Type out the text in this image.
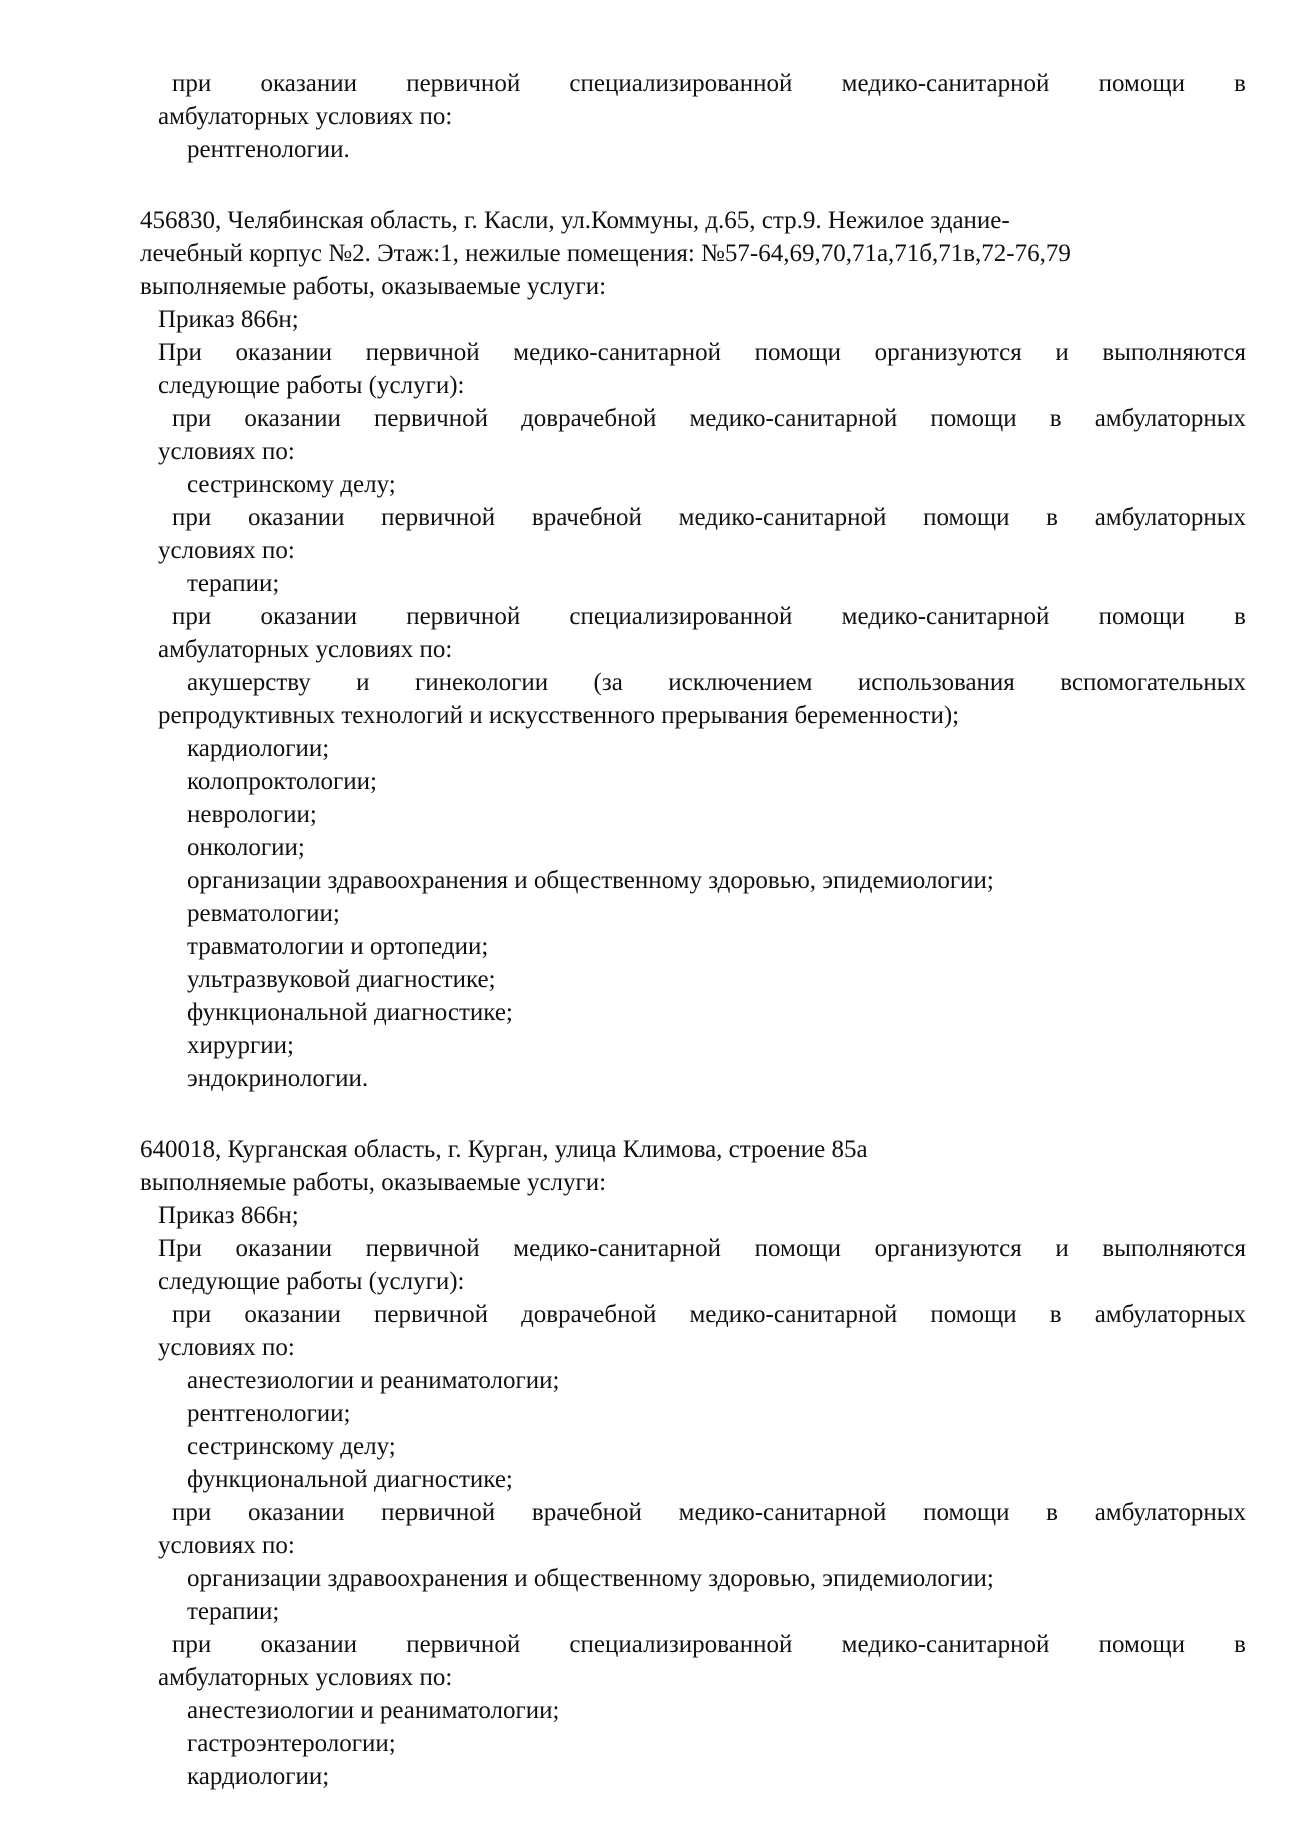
при оказании первичной специализированной медико-санитарной помощи в

амбулаторных условиях по:

рентгенологии.

456830, Челябинская область, г. Касли, ул.Коммуны, д.65, стр.9. Нежилое здание-

лечебный корпус №2. Этаж:1, нежилые помещения: №57-64,69,70,71а,71б,71в,72-76,79

выполняемые работы, оказываемые услуги:

Приказ 866н;

При оказании первичной медико-санитарной помощи организуются и выполняются

следующие работы (услуги):

при оказании первичной доврачебной медико-санитарной помощи в амбулаторных

условиях по:

сестринскому делу;

при оказании первичной врачебной медико-санитарной помощи в амбулаторных

условиях по:

терапии;

при оказании первичной специализированной медико-санитарной помощи в

амбулаторных условиях по:

акушерству и гинекологии (за исключением использования вспомогательных

репродуктивных технологий и искусственного прерывания беременности);

кардиологии;

колопроктологии;

неврологии;

онкологии;

организации здравоохранения и общественному здоровью, эпидемиологии;

ревматологии;

травматологии и ортопедии;

ультразвуковой диагностике;

функциональной диагностике;

хирургии;

эндокринологии.

640018, Курганская область, г. Курган, улица Климова, строение 85а

выполняемые работы, оказываемые услуги:

Приказ 866н;

При оказании первичной медико-санитарной помощи организуются и выполняются

следующие работы (услуги):

при оказании первичной доврачебной медико-санитарной помощи в амбулаторных

условиях по:

анестезиологии и реаниматологии;

рентгенологии;

сестринскому делу;

функциональной диагностике;

при оказании первичной врачебной медико-санитарной помощи в амбулаторных

условиях по:

организации здравоохранения и общественному здоровью, эпидемиологии;

терапии;

при оказании первичной специализированной медико-санитарной помощи в

амбулаторных условиях по:

анестезиологии и реаниматологии;

гастроэнтерологии;

кардиологии;
